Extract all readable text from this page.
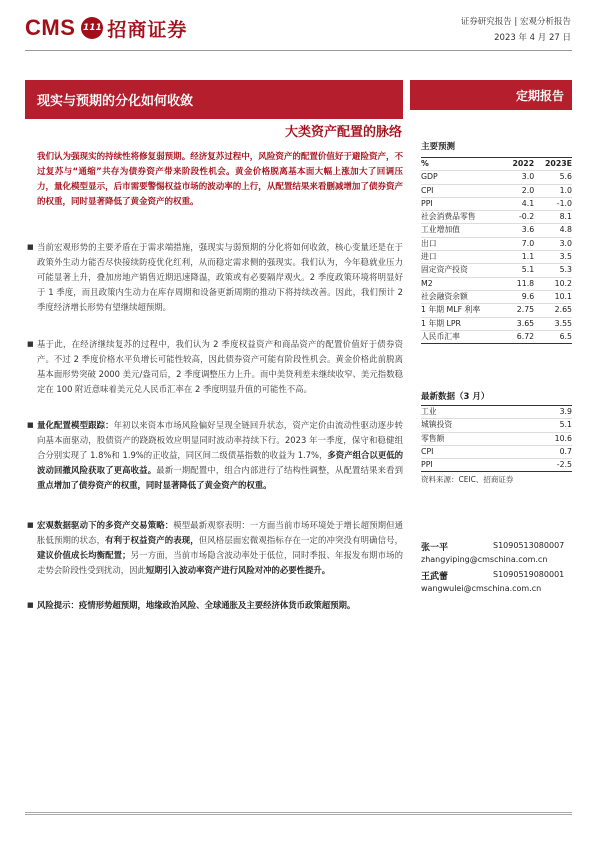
CMS 111 招商证券	证券研究报告 | 宏观分析报告
2023 年 4 月 27 日
现实与预期的分化如何收敛
大类资产配置的脉络
定期报告
我们认为强现实的持续性将修复弱预期。经济复苏过程中，风险资产的配置价值好于避险资产，不过复苏与“通缩”共存为债券资产带来阶段性机会。黄金价格脱离基本面大幅上涨加大了回调压力，量化模型显示，后市需要警惕权益市场的波动率的上行，从配置结果来看删减增加了债券资产的权重，同时显著降低了黄金资产的权重。
■ 当前宏观形势的主要矛盾在于需求端措施，强现实与弱预期的分化将如何收敛，核心变量还是在于政策外生动力能否尽快接续防疫优化红利，从而稳定需求侧的强现实。我们认为，今年稳就业压力可能显著上升，叠加房地产销售近期迅速降温，政策或有必要隔岸观火。2 季度政策环境将明显好于 1 季度，而且政策内生动力在库存周期和设备更新周期的推动下将持续改善。因此，我们预计 2 季度经济增长形势有望继续超预期。
■ 基于此，在经济继续复苏的过程中，我们认为 2 季度权益资产和商品资产的配置价值好于债券资产。不过 2 季度价格水平负增长可能性较高，因此债券资产可能有阶段性机会。黄金价格此前脱离基本面形势突破 2000 美元/盎司后，2 季度调整压力上升。而中美贷利差未继续收窄、美元指数稳定在 100 附近意味着美元兑人民币汇率在 2 季度明显升值的可能性不高。
■ 量化配置模型跟踪：年初以来资本市场风险偏好呈现全链回升状态，资产定价由流动性驱动逐步转向基本面驱动，股债资产的跷跷板效应明显同时波动率持续下行。2023 年一季度，保守和稳健组合分别实现了 1.8%和 1.9%的正收益，同区间二级债基指数的收益为 1.7%，多资产组合以更低的波动回撤风险获取了更高收益。最新一期配置中，组合内部进行了结构性调整，从配置结果来看到重点增加了债券资产的权重，同时显著降低了黄金资产的权重。
■ 宏观数据驱动下的多资产交易策略：模型最新观察表明：一方面当前市场环境处于增长超预期但通胀低预期的状态，有利于权益资产的表现，但风格层面宏微观指标存在一定的冲突没有明确信号，建议价值成长均衡配置；另一方面，当前市场隐含波动率处于低位，同时季报、年报发布期市场的走势会阶段性受到扰动，因此短期引入波动率资产进行风险对冲的必要性提升。
■ 风险提示：疫情形势超预期，地缘政治风险、全球通胀及主要经济体货币政策超预期。
主要预测
%	2022	2023E
GDP	3.0	5.6
CPI	2.0	1.0
PPI	4.1	-1.0
社会消费品零售	-0.2	8.1
工业增加值	3.6	4.8
出口	7.0	3.0
进口	1.1	3.5
固定资产投资	5.1	5.3
M2	11.8	10.2
社会融资余额	9.6	10.1
1 年期 MLF 利率	2.75	2.65
1 年期 LPR	3.65	3.55
人民币汇率	6.72	6.5
最新数据（3 月）
工业	3.9
城镇投资	5.1
零售额	10.6
CPI	0.7
PPI	-2.5
资料来源：CEIC、招商证券
张一平	S1090513080007
zhangyiping@cmschina.com.cn
王武蕾	S1090519080001
wangwulei@cmschina.com.cn
